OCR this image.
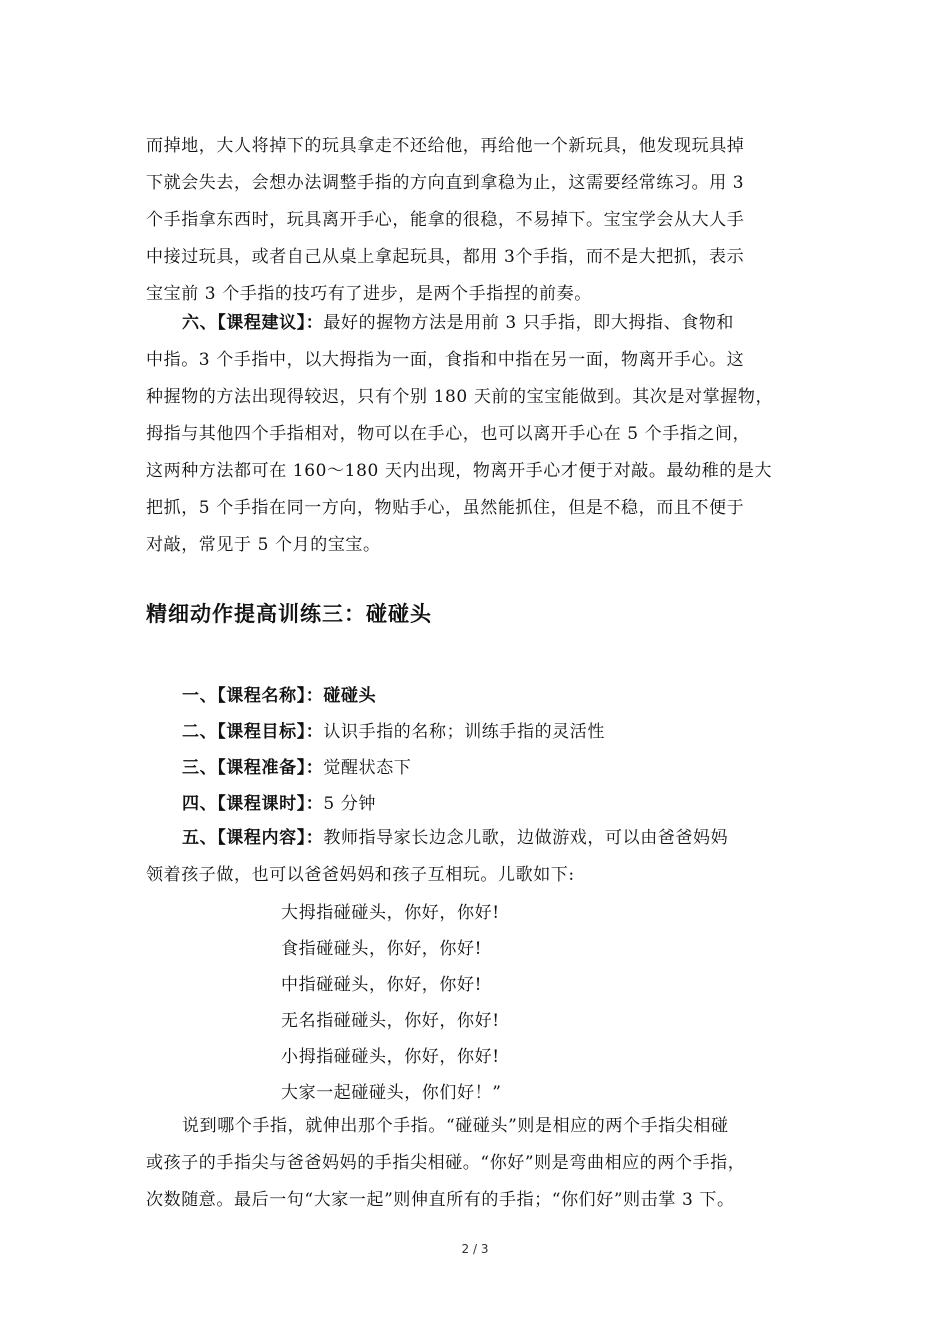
而掉地，大人将掉下的玩具拿走不还给他，再给他一个新玩具，他发现玩具掉
下就会失去，会想办法调整手指的方向直到拿稳为止，这需要经常练习。用 3
个手指拿东西时，玩具离开手心，能拿的很稳，不易掉下。宝宝学会从大人手
中接过玩具，或者自己从桌上拿起玩具，都用 3个手指，而不是大把抓，表示
宝宝前 3 个手指的技巧有了进步，是两个手指捏的前奏。
六、【课程建议】：最好的握物方法是用前 3 只手指，即大拇指、食物和
中指。3 个手指中，以大拇指为一面，食指和中指在另一面，物离开手心。这
种握物的方法出现得较迟，只有个别 180 天前的宝宝能做到。其次是对掌握物，
拇指与其他四个手指相对，物可以在手心，也可以离开手心在 5 个手指之间，
这两种方法都可在 160～180 天内出现，物离开手心才便于对敲。最幼稚的是大
把抓，5 个手指在同一方向，物贴手心，虽然能抓住，但是不稳，而且不便于
对敲，常见于 5 个月的宝宝。
精细动作提高训练三：碰碰头
一、【课程名称】：碰碰头
二、【课程目标】：认识手指的名称；训练手指的灵活性
三、【课程准备】：觉醒状态下
四、【课程课时】：5 分钟
五、【课程内容】：教师指导家长边念儿歌，边做游戏，可以由爸爸妈妈
领着孩子做，也可以爸爸妈妈和孩子互相玩。儿歌如下:
大拇指碰碰头，你好，你好!
食指碰碰头，你好，你好!
中指碰碰头，你好，你好!
无名指碰碰头，你好，你好!
小拇指碰碰头，你好，你好!
大家一起碰碰头，你们好！”
说到哪个手指，就伸出那个手指。“碰碰头”则是相应的两个手指尖相碰
或孩子的手指尖与爸爸妈妈的手指尖相碰。“你好”则是弯曲相应的两个手指，
次数随意。最后一句“大家一起”则伸直所有的手指；“你们好”则击掌 3 下。
2 / 3
